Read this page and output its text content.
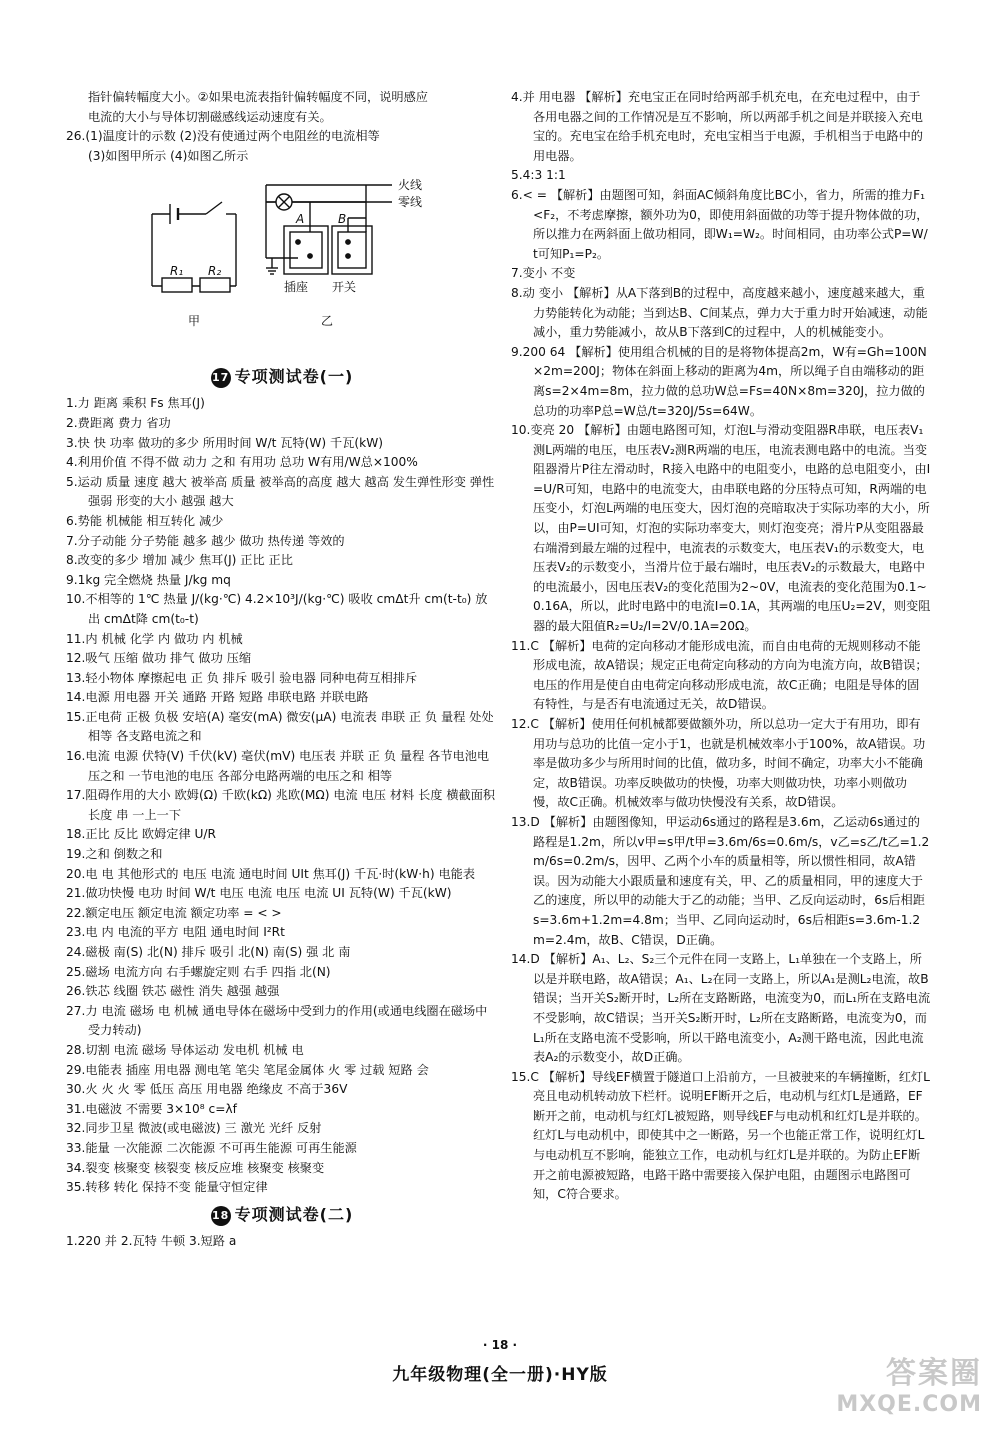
指针偏转幅度大小。②如果电流表指针偏转幅度不同，说明感应

电流的大小与导体切割磁感线运动速度有关。

26.(1)温度计的示数 (2)没有使通过两个电阻丝的电流相等

(3)如图甲所示 (4)如图乙所示

火线
零线
R₁ R₂
A	B
插座 开关
甲	乙
17 专项测试卷(一)

1.力 距离 乘积 Fs 焦耳(J)

2.费距离 费力 省功

3.快 快 功率 做功的多少 所用时间 W/t 瓦特(W) 千瓦(kW)

4.利用价值 不得不做 动力 之和 有用功 总功 W有用/W总×100%

5.运动 质量 速度 越大 被举高 质量 被举高的高度 越大 越高 发生弹性形变 弹性强弱 形变的大小 越强 越大

6.势能 机械能 相互转化 减少

7.分子动能 分子势能 越多 越少 做功 热传递 等效的

8.改变的多少 增加 减少 焦耳(J) 正比 正比

9.1kg 完全燃烧 热量 J/kg mq

10.不相等的 1℃ 热量 J/(kg·℃) 4.2×10³J/(kg·℃) 吸收 cmΔt升 cm(t-t₀) 放出 cmΔt降 cm(t₀-t)

11.内 机械 化学 内 做功 内 机械

12.吸气 压缩 做功 排气 做功 压缩

13.轻小物体 摩擦起电 正 负 排斥 吸引 验电器 同种电荷互相排斥

14.电源 用电器 开关 通路 开路 短路 串联电路 并联电路

15.正电荷 正极 负极 安培(A) 毫安(mA) 微安(μA) 电流表 串联 正 负 量程 处处相等 各支路电流之和

16.电流 电源 伏特(V) 千伏(kV) 毫伏(mV) 电压表 并联 正 负 量程 各节电池电压之和 一节电池的电压 各部分电路两端的电压之和 相等

17.阻碍作用的大小 欧姆(Ω) 千欧(kΩ) 兆欧(MΩ) 电流 电压 材料 长度 横截面积 长度 串 一上一下

18.正比 反比 欧姆定律 U/R

19.之和 倒数之和

20.电 电 其他形式的 电压 电流 通电时间 UIt 焦耳(J) 千瓦·时(kW·h) 电能表

21.做功快慢 电功 时间 W/t 电压 电流 电压 电流 UI 瓦特(W) 千瓦(kW)

22.额定电压 额定电流 额定功率 = < >

23.电 内 电流的平方 电阻 通电时间 I²Rt

24.磁极 南(S) 北(N) 排斥 吸引 北(N) 南(S) 强 北 南

25.磁场 电流方向 右手螺旋定则 右手 四指 北(N)

26.铁芯 线圈 铁芯 磁性 消失 越强 越强

27.力 电流 磁场 电 机械 通电导体在磁场中受到力的作用(或通电线圈在磁场中受力转动)

28.切割 电流 磁场 导体运动 发电机 机械 电

29.电能表 插座 用电器 测电笔 笔尖 笔尾金属体 火 零 过载 短路 会

30.火 火 火 零 低压 高压 用电器 绝缘皮 不高于36V

31.电磁波 不需要 3×10⁸ c=λf

32.同步卫星 微波(或电磁波) 三 激光 光纤 反射

33.能量 一次能源 二次能源 不可再生能源 可再生能源

34.裂变 核聚变 核裂变 核反应堆 核聚变 核聚变

35.转移 转化 保持不变 能量守恒定律

18 专项测试卷(二)

1.220 并 2.瓦特 牛顿 3.短路 a

4.并 用电器 【解析】充电宝正在同时给两部手机充电，在充电过程中，由于各用电器之间的工作情况是互不影响，所以两部手机之间是并联接入充电宝的。充电宝在给手机充电时，充电宝相当于电源，手机相当于电路中的用电器。

5.4:3 1:1

6.< = 【解析】由题图可知，斜面AC倾斜角度比BC小，省力，所需的推力F₁<F₂，不考虑摩擦，额外功为0，即使用斜面做的功等于提升物体做的功，所以推力在两斜面上做功相同，即W₁=W₂。时间相同，由功率公式P=W/t可知P₁=P₂。

7.变小 不变

8.动 变小 【解析】从A下落到B的过程中，高度越来越小，速度越来越大，重力势能转化为动能；当到达B、C间某点，弹力大于重力时开始减速，动能减小，重力势能减小，故从B下落到C的过程中，人的机械能变小。

9.200 64 【解析】使用组合机械的目的是将物体提高2m，W有=Gh=100N×2m=200J；物体在斜面上移动的距离为4m，所以绳子自由端移动的距离s=2×4m=8m，拉力做的总功W总=Fs=40N×8m=320J，拉力做的总功的功率P总=W总/t=320J/5s=64W。

10.变亮 20 【解析】由题电路图可知，灯泡L与滑动变阻器R串联，电压表V₁测L两端的电压，电压表V₂测R两端的电压，电流表测电路中的电流。当变阻器滑片P往左滑动时，R接入电路中的电阻变小，电路的总电阻变小，由I=U/R可知，电路中的电流变大，由串联电路的分压特点可知，R两端的电压变小，灯泡L两端的电压变大，因灯泡的亮暗取决于实际功率的大小，所以，由P=UI可知，灯泡的实际功率变大，则灯泡变亮；滑片P从变阻器最右端滑到最左端的过程中，电流表的示数变大，电压表V₁的示数变大，电压表V₂的示数变小，当滑片位于最右端时，电压表V₂的示数最大，电路中的电流最小，因电压表V₂的变化范围为2~0V，电流表的变化范围为0.1~0.16A，所以，此时电路中的电流I=0.1A，其两端的电压U₂=2V，则变阻器的最大阻值R₂=U₂/I=2V/0.1A=20Ω。

11.C 【解析】电荷的定向移动才能形成电流，而自由电荷的无规则移动不能形成电流，故A错误；规定正电荷定向移动的方向为电流方向，故B错误；电压的作用是使自由电荷定向移动形成电流，故C正确；电阻是导体的固有特性，与是否有电流通过无关，故D错误。

12.C 【解析】使用任何机械都要做额外功，所以总功一定大于有用功，即有用功与总功的比值一定小于1，也就是机械效率小于100%，故A错误。功率是做功多少与所用时间的比值，做功多，时间不确定，功率大小不能确定，故B错误。功率反映做功的快慢，功率大则做功快，功率小则做功慢，故C正确。机械效率与做功快慢没有关系，故D错误。

13.D 【解析】由题图像知，甲运动6s通过的路程是3.6m，乙运动6s通过的路程是1.2m，所以v甲=s甲/t甲=3.6m/6s=0.6m/s，v乙=s乙/t乙=1.2m/6s=0.2m/s，因甲、乙两个小车的质量相等，所以惯性相同，故A错误。因为动能大小跟质量和速度有关，甲、乙的质量相同，甲的速度大于乙的速度，所以甲的动能大于乙的动能；当甲、乙反向运动时，6s后相距s=3.6m+1.2m=4.8m；当甲、乙同向运动时，6s后相距s=3.6m-1.2m=2.4m，故B、C错误，D正确。

14.D 【解析】A₁、L₂、S₂三个元件在同一支路上，L₁单独在一个支路上，所以是并联电路，故A错误；A₁、L₂在同一支路上，所以A₁是测L₂电流，故B错误；当开关S₂断开时，L₂所在支路断路，电流变为0，而L₁所在支路电流不受影响，故C错误；当开关S₂断开时，L₂所在支路断路，电流变为0，而L₁所在支路电流不受影响，所以干路电流变小，A₂测干路电流，因此电流表A₂的示数变小，故D正确。

15.C 【解析】导线EF横置于隧道口上沿前方，一旦被驶来的车辆撞断，红灯L亮且电动机转动放下栏杆。说明EF断开之后，电动机与红灯L是通路，EF断开之前，电动机与红灯L被短路，则导线EF与电动机和红灯L是并联的。红灯L与电动机中，即使其中之一断路，另一个也能正常工作，说明红灯L与电动机互不影响，能独立工作，电动机与红灯L是并联的。为防止EF断开之前电源被短路，电路干路中需要接入保护电阻，由题图示电路图可知，C符合要求。

· 18 ·
九年级物理(全一册)·HY版	答案圈
MXQE.COM
